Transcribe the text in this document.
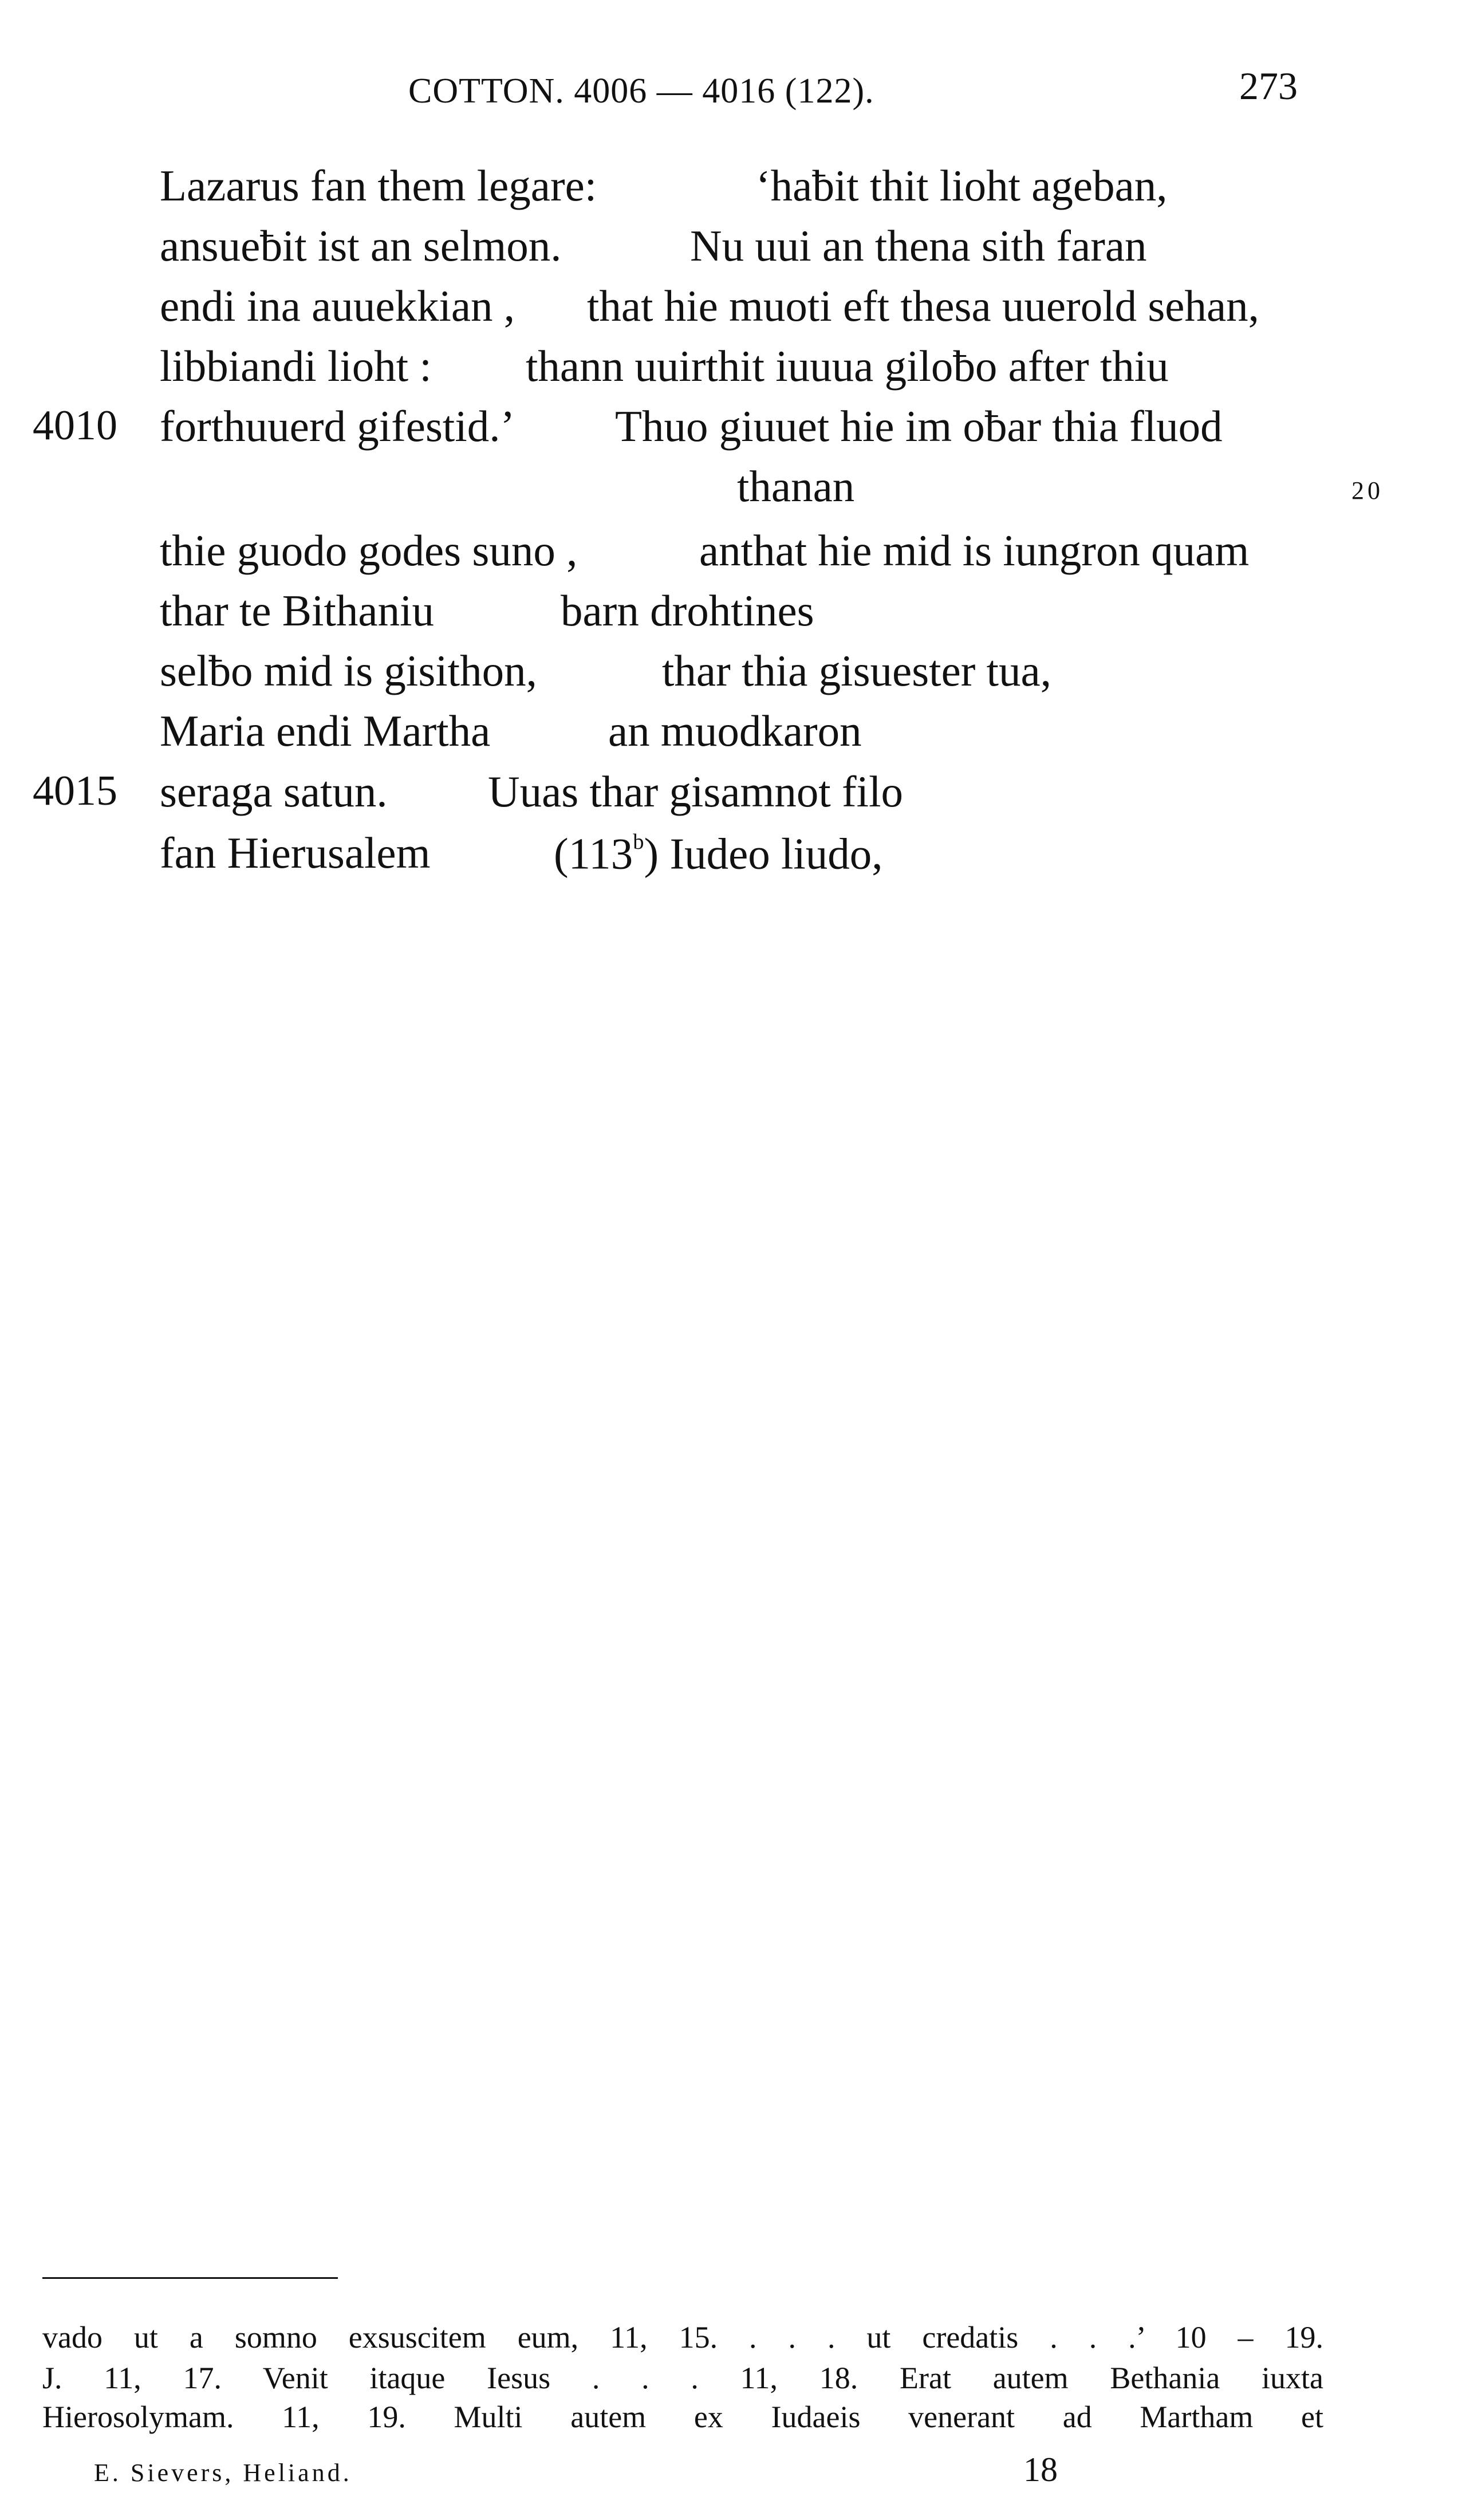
COTTON. 4006 — 4016 (122).	273
Lazarus fan them legare:	‘haƀit thit lioht ageban,
ansueƀit ist an selmon.	Nu uui an thena sith faran
endi ina auuekkian , that hie muoti eft thesa uuerold sehan,
libbiandi lioht : thann uuirthit iuuua giloƀo after thiu
4010 forthuuerd gifestid.’ Thuo giuuet hie im oƀar thia fluod
thanan	20
thie guodo godes suno ,	anthat hie mid is iungron quam
thar te Bithaniu	barn drohtines
selƀo mid is gisithon,	thar thia gisuester tua,
Maria endi Martha	an muodkaron
4015 seraga satun. Uuas thar gisamnot filo
fan Hierusalem	(113$^b$) Iudeo liudo,
vado ut a somno exsuscitem eum, 11, 15. . . . ut credatis . . .’ 10 – 19.
J. 11, 17. Venit itaque Iesus . . . 11, 18. Erat autem Bethania iuxta
Hierosolymam. 11, 19. Multi autem ex Iudaeis venerant ad Martham et
E. Sievers, Heliand.	18
